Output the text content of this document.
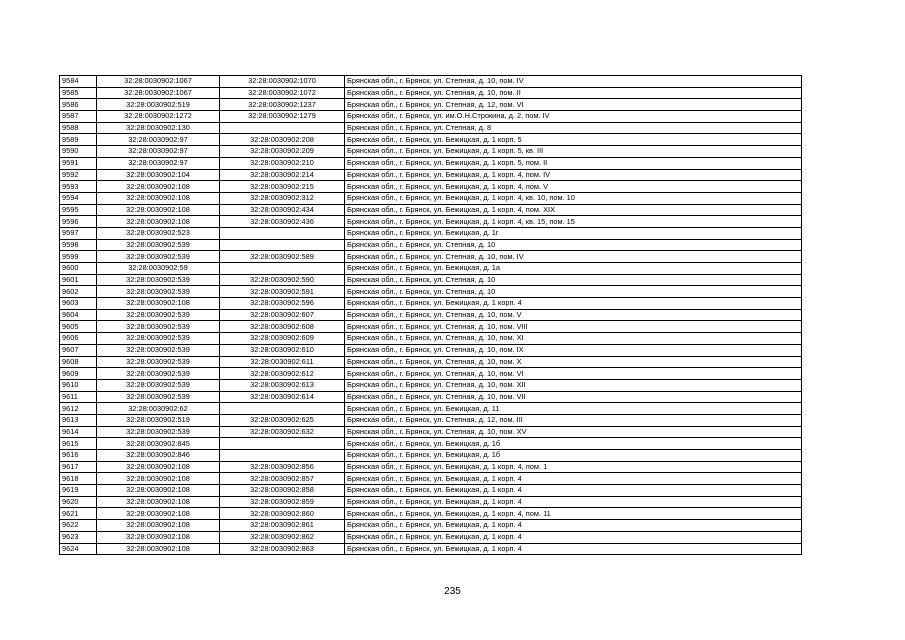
9584	32:28:0030902:1067	32:28:0030902:1070	Брянская обл., г. Брянск, ул. Степная, д. 10, пом. IV
9585	32:28:0030902:1067	32:28:0030902:1072	Брянская обл., г. Брянск, ул. Степная, д. 10, пом. II
9586	32:28:0030902:519	32:28:0030902:1237	Брянская обл., г. Брянск, ул. Степная, д. 12, пом. VI
9587	32:28:0030902:1272	32:28:0030902:1279	Брянская обл., г. Брянск, ул. им.О.Н.Строкина, д. 2, пом. IV
9588	32:28:0030902:130		Брянская обл., г. Брянск, ул. Степная, д. 8
9589	32:28:0030902:97	32:28:0030902:208	Брянская обл., г. Брянск, ул. Бежицкая, д. 1 корп. 5
9590	32:28:0030902:97	32:28:0030902:209	Брянская обл., г. Брянск, ул. Бежицкая, д. 1 корп. 5, кв. III
9591	32:28:0030902:97	32:28:0030902:210	Брянская обл., г. Брянск, ул. Бежицкая, д. 1 корп. 5, пом. II
9592	32:28:0030902:104	32:28:0030902:214	Брянская обл., г. Брянск, ул. Бежицкая, д. 1 корп. 4, пом. IV
9593	32:28:0030902:108	32:28:0030902:215	Брянская обл., г. Брянск, ул. Бежицкая, д. 1 корп. 4, пом. V
9594	32:28:0030902:108	32:28:0030902:312	Брянская обл., г. Брянск, ул. Бежицкая, д. 1 корп. 4, кв. 10, пом. 10
9595	32:28:0030902:108	32:28:0030902:434	Брянская обл., г. Брянск, ул. Бежицкая, д. 1 корп. 4, пом. XIX
9596	32:28:0030902:108	32:28:0030902:436	Брянская обл., г. Брянск, ул. Бежицкая, д. 1 корп. 4, кв. 15, пом. 15
9597	32:28:0030902:523		Брянская обл., г. Брянск, ул. Бежицкая, д. 1г
9598	32:28:0030902:539		Брянская обл., г. Брянск, ул. Степная, д. 10
9599	32:28:0030902:539	32:28:0030902:589	Брянская обл., г. Брянск, ул. Степная, д. 10, пом. IV
9600	32:28:0030902:59		Брянская обл., г. Брянск, ул. Бежицкая, д. 1а
9601	32:28:0030902:539	32:28:0030902:590	Брянская обл., г. Брянск, ул. Степная, д. 10
9602	32:28:0030902:539	32:28:0030902:591	Брянская обл., г. Брянск, ул. Степная, д. 10
9603	32:28:0030902:108	32:28:0030902:596	Брянская обл., г. Брянск, ул. Бежицкая, д. 1 корп. 4
9604	32:28:0030902:539	32:28:0030902:607	Брянская обл., г. Брянск, ул. Степная, д. 10, пом. V
9605	32:28:0030902:539	32:28:0030902:608	Брянская обл., г. Брянск, ул. Степная, д. 10, пом. VIII
9606	32:28:0030902:539	32:28:0030902:609	Брянская обл., г. Брянск, ул. Степная, д. 10, пом. XI
9607	32:28:0030902:539	32:28:0030902:610	Брянская обл., г. Брянск, ул. Степная, д. 10, пом. IX
9608	32:28:0030902:539	32:28:0030902:611	Брянская обл., г. Брянск, ул. Степная, д. 10, пом. X
9609	32:28:0030902:539	32:28:0030902:612	Брянская обл., г. Брянск, ул. Степная, д. 10, пом. VI
9610	32:28:0030902:539	32:28:0030902:613	Брянская обл., г. Брянск, ул. Степная, д. 10, пом. XII
9611	32:28:0030902:539	32:28:0030902:614	Брянская обл., г. Брянск, ул. Степная, д. 10, пом. VII
9612	32:28:0030902:62		Брянская обл., г. Брянск, ул. Бежицкая, д. 11
9613	32:28:0030902:519	32:28:0030902:625	Брянская обл., г. Брянск, ул. Степная, д. 12, пом. III
9614	32:28:0030902:539	32:28:0030902:632	Брянская обл., г. Брянск, ул. Степная, д. 10, пом. XV
9615	32:28:0030902:845		Брянская обл., г. Брянск, ул. Бежицкая, д. 1б
9616	32:28:0030902:846		Брянская обл., г. Брянск, ул. Бежицкая, д. 1б
9617	32:28:0030902:108	32:28:0030902:856	Брянская обл., г. Брянск, ул. Бежицкая, д. 1 корп. 4, пом. 1
9618	32:28:0030902:108	32:28:0030902:857	Брянская обл., г. Брянск, ул. Бежицкая, д. 1 корп. 4
9619	32:28:0030902:108	32:28:0030902:858	Брянская обл., г. Брянск, ул. Бежицкая, д. 1 корп. 4
9620	32:28:0030902:108	32:28:0030902:859	Брянская обл., г. Брянск, ул. Бежицкая, д. 1 корп. 4
9621	32:28:0030902:108	32:28:0030902:860	Брянская обл., г. Брянск, ул. Бежицкая, д. 1 корп. 4, пом. 11
9622	32:28:0030902:108	32:28:0030902:861	Брянская обл., г. Брянск, ул. Бежицкая, д. 1 корп. 4
9623	32:28:0030902:108	32:28:0030902:862	Брянская обл., г. Брянск, ул. Бежицкая, д. 1 корп. 4
9624	32:28:0030902:108	32:28:0030902:863	Брянская обл., г. Брянск, ул. Бежицкая, д. 1 корп. 4
235
